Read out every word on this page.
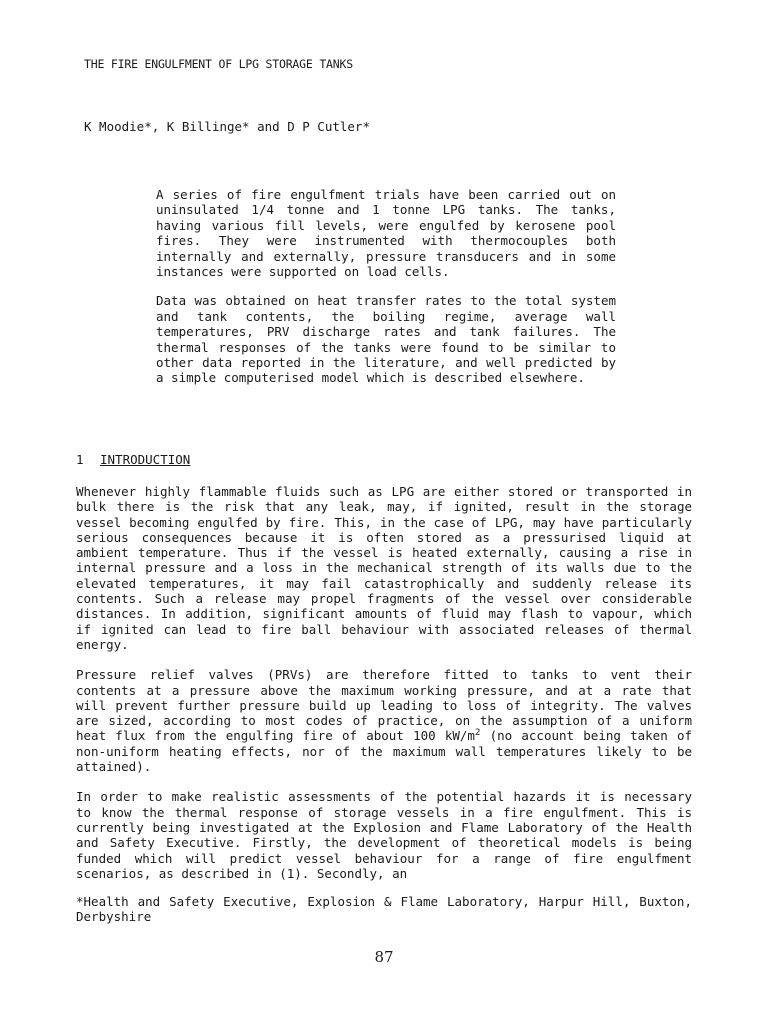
THE FIRE ENGULFMENT OF LPG STORAGE TANKS
K Moodie*, K Billinge* and D P Cutler*

A series of fire engulfment trials have been carried out on uninsulated 1/4 tonne and 1 tonne LPG tanks. The tanks, having various fill levels, were engulfed by kerosene pool fires. They were instrumented with thermocouples both internally and externally, pressure transducers and in some instances were supported on load cells.

Data was obtained on heat transfer rates to the total system and tank contents, the boiling regime, average wall temperatures, PRV discharge rates and tank failures. The thermal responses of the tanks were found to be similar to other data reported in the literature, and well predicted by a simple computerised model which is described elsewhere.

1 INTRODUCTION

Whenever highly flammable fluids such as LPG are either stored or transported in bulk there is the risk that any leak, may, if ignited, result in the storage vessel becoming engulfed by fire. This, in the case of LPG, may have particularly serious consequences because it is often stored as a pressurised liquid at ambient temperature. Thus if the vessel is heated externally, causing a rise in internal pressure and a loss in the mechanical strength of its walls due to the elevated temperatures, it may fail catastrophically and suddenly release its contents. Such a release may propel fragments of the vessel over considerable distances. In addition, significant amounts of fluid may flash to vapour, which if ignited can lead to fire ball behaviour with associated releases of thermal energy.

Pressure relief valves (PRVs) are therefore fitted to tanks to vent their contents at a pressure above the maximum working pressure, and at a rate that will prevent further pressure build up leading to loss of integrity. The valves are sized, according to most codes of practice, on the assumption of a uniform heat flux from the engulfing fire of about 100 $kW/m^2$ (no account being taken of non-uniform heating effects, nor of the maximum wall temperatures likely to be attained).

In order to make realistic assessments of the potential hazards it is necessary to know the thermal response of storage vessels in a fire engulfment. This is currently being investigated at the Explosion and Flame Laboratory of the Health and Safety Executive. Firstly, the development of theoretical models is being funded which will predict vessel behaviour for a range of fire engulfment scenarios, as described in (1). Secondly, an

*Health and Safety Executive, Explosion & Flame Laboratory, Harpur Hill, Buxton, Derbyshire
87
